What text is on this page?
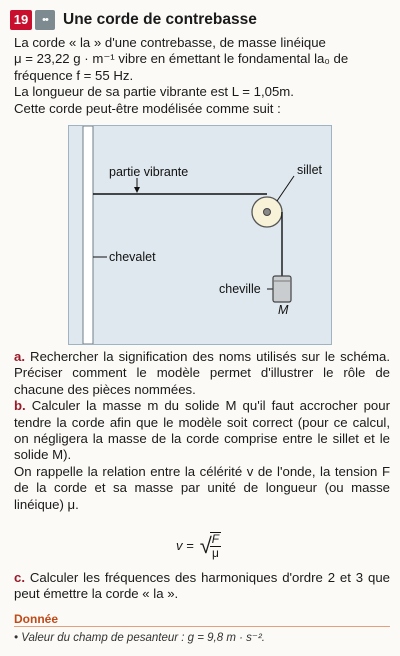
19	•• Une corde de contrebasse

La corde « la » d'une contrebasse, de masse linéique

μ = 23,22 g · m⁻¹ vibre en émettant le fondamental la₀ de

fréquence f = 55 Hz.

La longueur de sa partie vibrante est L = 1,05m.

Cette corde peut-être modélisée comme suit :

partie vibrante	sillet
chevalet
cheville
M

a. Rechercher la signification des noms utilisés sur le schéma. Préciser comment le modèle permet d'illustrer le rôle de chacune des pièces nommées.

b. Calculer la masse m du solide M qu'il faut accrocher pour tendre la corde afin que le modèle soit correct (pour ce calcul, on négligera la masse de la corde comprise entre le sillet et le solide M).

On rappelle la relation entre la célérité v de l'onde, la tension F de la corde et sa masse par unité de longueur (ou masse linéique) μ.

v = √
$\frac{F}{\mu}$
c. Calculer les fréquences des harmoniques d'ordre 2 et 3 que peut émettre la corde « la ».
Donnée
• Valeur du champ de pesanteur : g = 9,8 m · s⁻².
